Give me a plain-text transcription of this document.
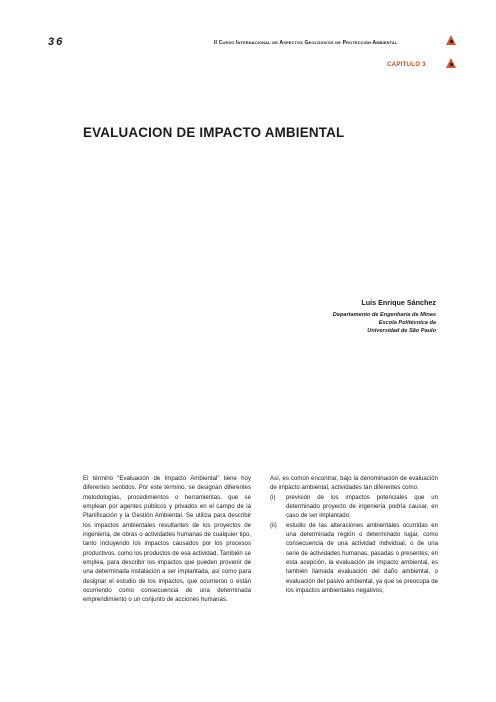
36	II Curso Internacional de Aspectos Geológicos de Protección Ambiental
CAPITULO 3
EVALUACION DE IMPACTO AMBIENTAL
Luis Enrique Sánchez
Departamento de Engenharia de Minas
Escola Politécnica da
Universidad de São Paulo

El término “Evaluación de Impacto Ambiental” tiene hoy diferentes sentidos. Por este término, se designan diferentes metodologías, procedimientos o herramientas, que se emplean por agentes públicos y privados en el campo de la Planificación y la Gestión Ambiental. Se utiliza para describir los impactos ambientales resultantes de los proyectos de ingeniería, de obras o actividades humanas de cualquier tipo, tanto incluyendo los impactos causados por los procesos productivos, como los productos de esa actividad. También se emplea, para describir los impactos que pueden provenir de una determinada instalación a ser implantada, así como para designar el estudio de los impactos, que ocurrieron o están ocurriendo como consecuencia de una determinada emprendimiento o un conjunto de acciones humanas.

Así, es común encontrar, bajo la denominación de evaluación de impacto ambiental, actividades tan diferentes como:

(i)	previsión de los impactos potenciales que un determinado proyecto de ingeniería podría causar, en caso de ser implantado;
(ii)	estudio de las alteraciones ambientales ocurridas en una determinada región o determinado lugar, como consecuencia de una actividad individual, o de una serie de actividades humanas, pasadas o presentes; en esta acepción, la evaluación de impacto ambiental, es también llamada evaluación del daño ambiental, o evaluación del pasivo ambiental, ya que se preocupa de los impactos ambientales negativos;
